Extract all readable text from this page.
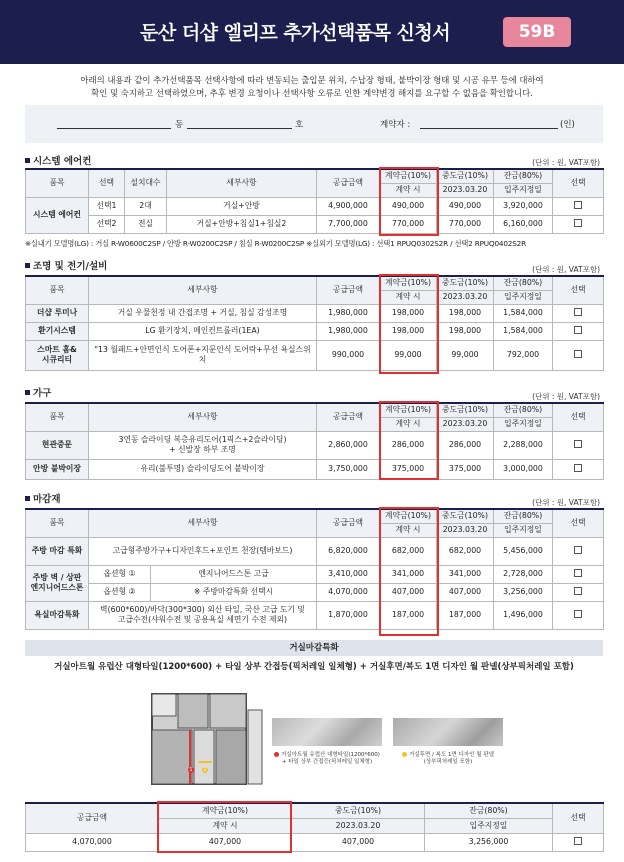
둔산 더샵 엘리프 추가선택품목 신청서	59B
아래의 내용과 같이 추가선택품목 선택사항에 따라 변동되는 출입문 위치, 수납장 형태, 붙박이장 형태 및 시공 유무 등에 대하여
확인 및 숙지하고 선택하였으며, 추후 변경 요청이나 선택사항 오류로 인한 계약변경 해지를 요구할 수 없음을 확인합니다.
동	호	계약자 :	(인)
시스템 에어컨	(단위 : 원, VAT포함)
품목	선택	설치대수	세부사항	공급금액	계약금(10%)	중도금(10%)	잔금(80%)	선택
					계약 시	2023.03.20	입주지정일	
시스템 에어컨	선택1	2대	거실+안방	4,900,000	490,000	490,000	3,920,000	
	선택2	전실	거실+안방+침실1+침실2	7,700,000	770,000	770,000	6,160,000	
※실내기 모델명(LG) : 거실 R-W0600C2SP / 안방 R-W0200C2SP / 침실 R-W0200C2SP ※실외기 모델명(LG) : 선택1 RPUQ0302S2R / 선택2 RPUQ0402S2R
조명 및 전기/설비	(단위 : 원, VAT포함)
품목	세부사항	공급금액	계약금(10%)	중도금(10%)	잔금(80%)	선택
			계약 시	2023.03.20	입주지정일	
더샵 루미나	거실 우물천정 내 간접조명 + 거실, 침실 감성조명	1,980,000	198,000	198,000	1,584,000	
환기시스템	LG 환기장치, 메인컨트롤러(1EA)	1,980,000	198,000	198,000	1,584,000	

스마트 홈&
시큐리티	"13 월패드+안면인식 도어폰+지문인식 도어락+무선 욕실스위치	990,000	99,000	99,000	792,000	
가구	(단위 : 원, VAT포함)
품목	세부사항	공급금액	계약금(10%)	중도금(10%)	잔금(80%)	선택
			계약 시	2023.03.20	입주지정일	
현관중문	3연동 슬라이딩 복층유리도어(1픽스+2슬라이딩)
+ 신발장 하부 조명	2,860,000	286,000	286,000	2,288,000	
안방 붙박이장	유리(불투명) 슬라이딩도어 붙박이장	3,750,000	375,000	375,000	3,000,000	
마감재	(단위 : 원, VAT포함)
품목	세부사항		공급금액	계약금(10%)	중도금(10%)	잔금(80%)	선택
				계약 시	2023.03.20	입주지정일	
주방 마감 특화	고급형주방가구+디자인후드+포인트 천장(템바보드)		6,820,000	682,000	682,000	5,456,000	

주방 벽 / 상판
엔지니어드스톤	옵션형 ①	엔지니어드스톤 고급	3,410,000	341,000	341,000	2,728,000	
	옵션형 ②	※ 주방마감특화 선택시	4,070,000	407,000	407,000	3,256,000	
욕실마감특화	벽(600*600)/바닥(300*300) 외산 타일, 국산 고급 도기 및
고급수전(샤워수전 및 공용욕실 세면기 수전 제외)		1,870,000	187,000	187,000	1,496,000	
거실마감특화
거실아트월 유럽산 대형타일(1200*600) + 타일 상부 간접등(픽처레일 일체형) + 거실후면/복도 1면 디자인 월 판넬(상부픽처레일 포함)
1 2
거실아트월 유럽산 대형타일(1200*600)
+ 타일 상부 간접등(픽처레일 일체형)
거실후면 / 복도 1면 디자인 월 판넬
(상부픽처레일 포함)
공급금액	계약금(10%)	중도금(10%)	잔금(80%)	선택
	계약 시	2023.03.20	입주지정일	
4,070,000	407,000	407,000	3,256,000	
